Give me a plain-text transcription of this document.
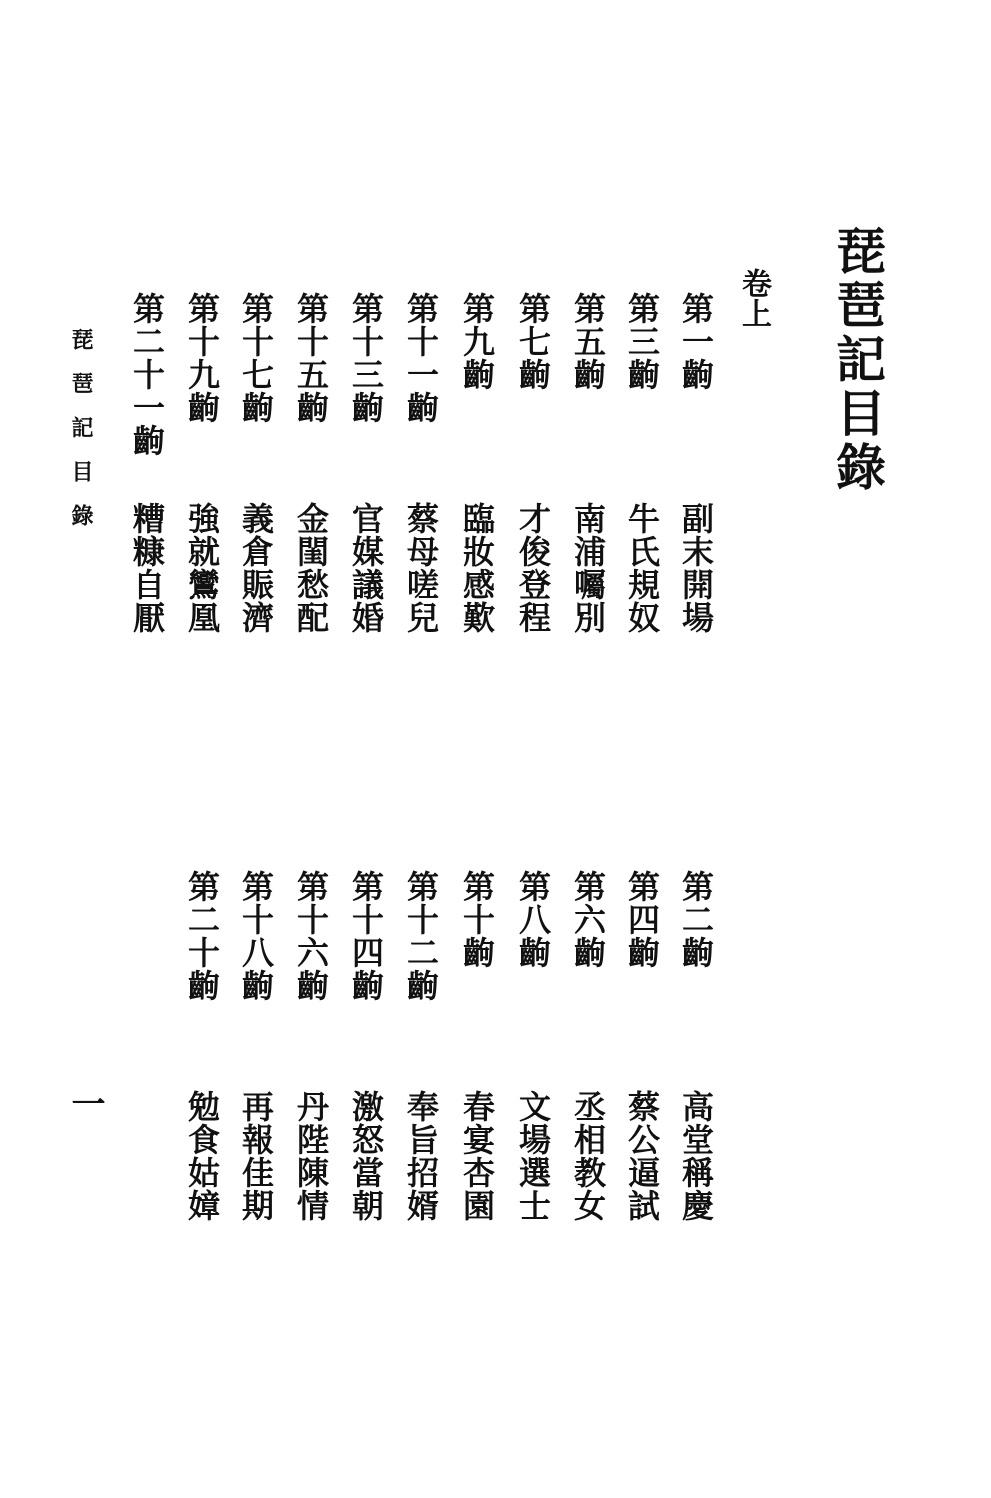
琵琶記目錄
卷上
第一齣
副末開場
第三齣
牛氏規奴
第五齣
南浦囑別
第七齣
才俊登程
第九齣
臨妝感歎
第十一齣
蔡母嗟兒
第十三齣
官媒議婚
第十五齣
金閨愁配
第十七齣
義倉賑濟
第十九齣
強就鸞凰
第二十一齣
糟糠自厭
第二齣
高堂稱慶
第四齣
蔡公逼試
第六齣
丞相教女
第八齣
文場選士
第十齣
春宴杏園
第十二齣
奉旨招婿
第十四齣
激怒當朝
第十六齣
丹陛陳情
第十八齣
再報佳期
第二十齣
勉食姑嫜
琵琶記目錄
一
